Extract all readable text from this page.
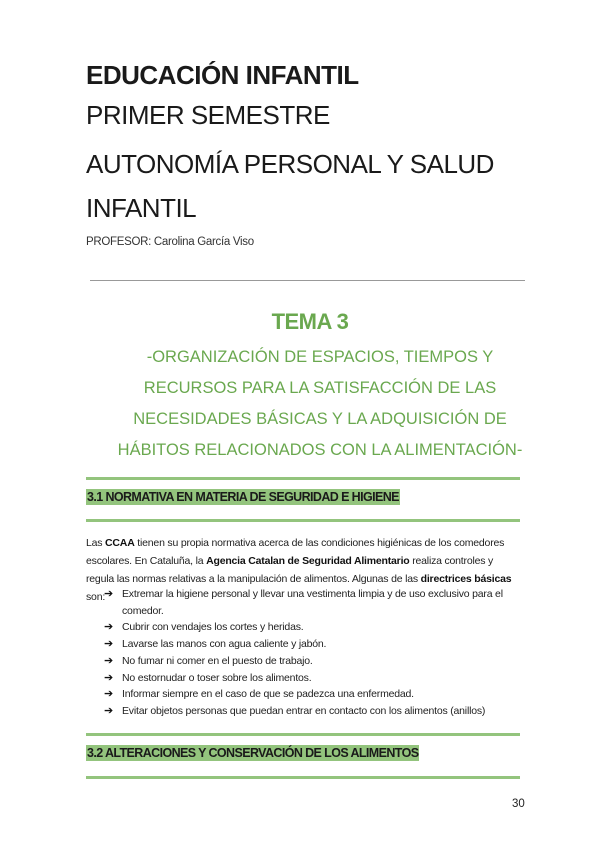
EDUCACIÓN INFANTIL
PRIMER SEMESTRE
AUTONOMÍA PERSONAL Y SALUD INFANTIL
PROFESOR: Carolina García Viso
TEMA 3
-ORGANIZACIÓN DE ESPACIOS, TIEMPOS Y RECURSOS PARA LA SATISFACCIÓN DE LAS NECESIDADES BÁSICAS Y LA ADQUISICIÓN DE HÁBITOS RELACIONADOS CON LA ALIMENTACIÓN-
3.1 NORMATIVA EN MATERIA DE SEGURIDAD E HIGIENE

Las CCAA tienen su propia normativa acerca de las condiciones higiénicas de los comedores escolares. En Cataluña, la Agencia Catalan de Seguridad Alimentario realiza controles y regula las normas relativas a la manipulación de alimentos. Algunas de las directrices básicas son:

➔ Extremar la higiene personal y llevar una vestimenta limpia y de uso exclusivo para el comedor.
➔ Cubrir con vendajes los cortes y heridas.
➔ Lavarse las manos con agua caliente y jabón.
➔ No fumar ni comer en el puesto de trabajo.
➔ No estornudar o toser sobre los alimentos.
➔ Informar siempre en el caso de que se padezca una enfermedad.
➔ Evitar objetos personas que puedan entrar en contacto con los alimentos (anillos)
3.2 ALTERACIONES Y CONSERVACIÓN DE LOS ALIMENTOS
30
